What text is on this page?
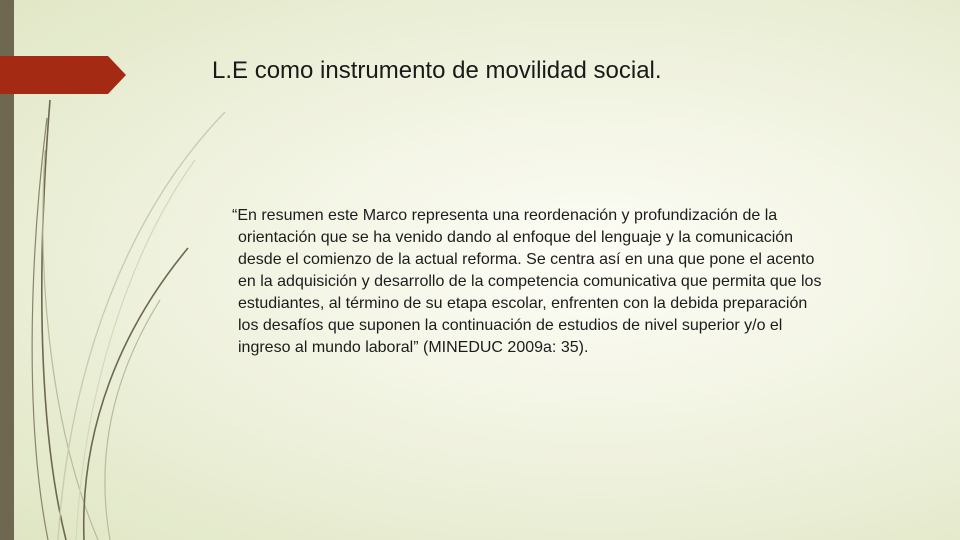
L.E como instrumento de movilidad social.
“En resumen este Marco representa una reordenación y profundización de la
orientación que se ha venido dando al enfoque del lenguaje y la comunicación
desde el comienzo de la actual reforma. Se centra así en una que pone el acento
en la adquisición y desarrollo de la competencia comunicativa que permita que los
estudiantes, al término de su etapa escolar, enfrenten con la debida preparación
los desafíos que suponen la continuación de estudios de nivel superior y/o el
ingreso al mundo laboral” (MINEDUC 2009a: 35).
